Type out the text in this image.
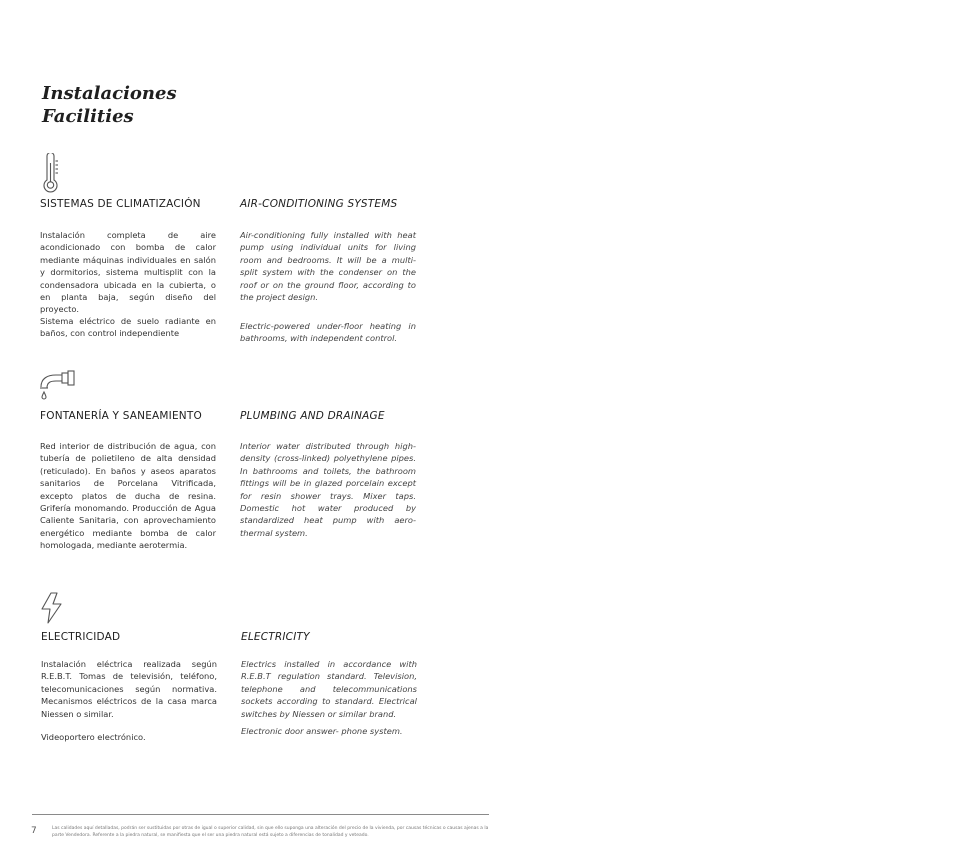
Instalaciones
Facilities
SISTEMAS DE CLIMATIZACIÓN	AIR-CONDITIONING SYSTEMS

Instalación completa de aire acondicionado con bomba de calor mediante máquinas individuales en salón y dormitorios, sistema multisplit con la condensadora ubicada en la cubierta, o en planta baja, según diseño del proyecto.

Sistema eléctrico de suelo radiante en baños, con control independiente

Air-conditioning fully installed with heat pump using individual units for living room and bedrooms. It will be a multi-split system with the condenser on the roof or on the ground floor, according to the project design.

Electric-powered under-floor heating in bathrooms, with independent control.

FONTANERÍA Y SANEAMIENTO	PLUMBING AND DRAINAGE

Red interior de distribución de agua, con tubería de polietileno de alta densidad (reticulado). En baños y aseos aparatos sanitarios de Porcelana Vitrificada, excepto platos de ducha de resina. Grifería monomando. Producción de Agua Caliente Sanitaria, con aprovechamiento energético mediante bomba de calor homologada, mediante aerotermia.

Interior water distributed through high-density (cross-linked) polyethylene pipes. In bathrooms and toilets, the bathroom fittings will be in glazed porcelain except for resin shower trays. Mixer taps. Domestic hot water produced by standardized heat pump with aero-thermal system.

ELECTRICIDAD	ELECTRICITY

Instalación eléctrica realizada según R.E.B.T. Tomas de televisión, teléfono, telecomunicaciones según normativa. Mecanismos eléctricos de la casa marca Niessen o similar.

Videoportero electrónico.

Electrics installed in accordance with R.E.B.T regulation standard. Television, telephone and telecommunications sockets according to standard. Electrical switches by Niessen or similar brand.

Electronic door answer- phone system.

7	Las calidades aquí detalladas, podrán ser sustituidas por otras de igual o superior calidad, sin que ello suponga una alteración del precio de la vivienda, por causas técnicas o causas ajenas a la parte Vendedora. Referente a la piedra natural, se manifiesta que el ser una piedra natural está sujeto a diferencias de tonalidad y veteado.
